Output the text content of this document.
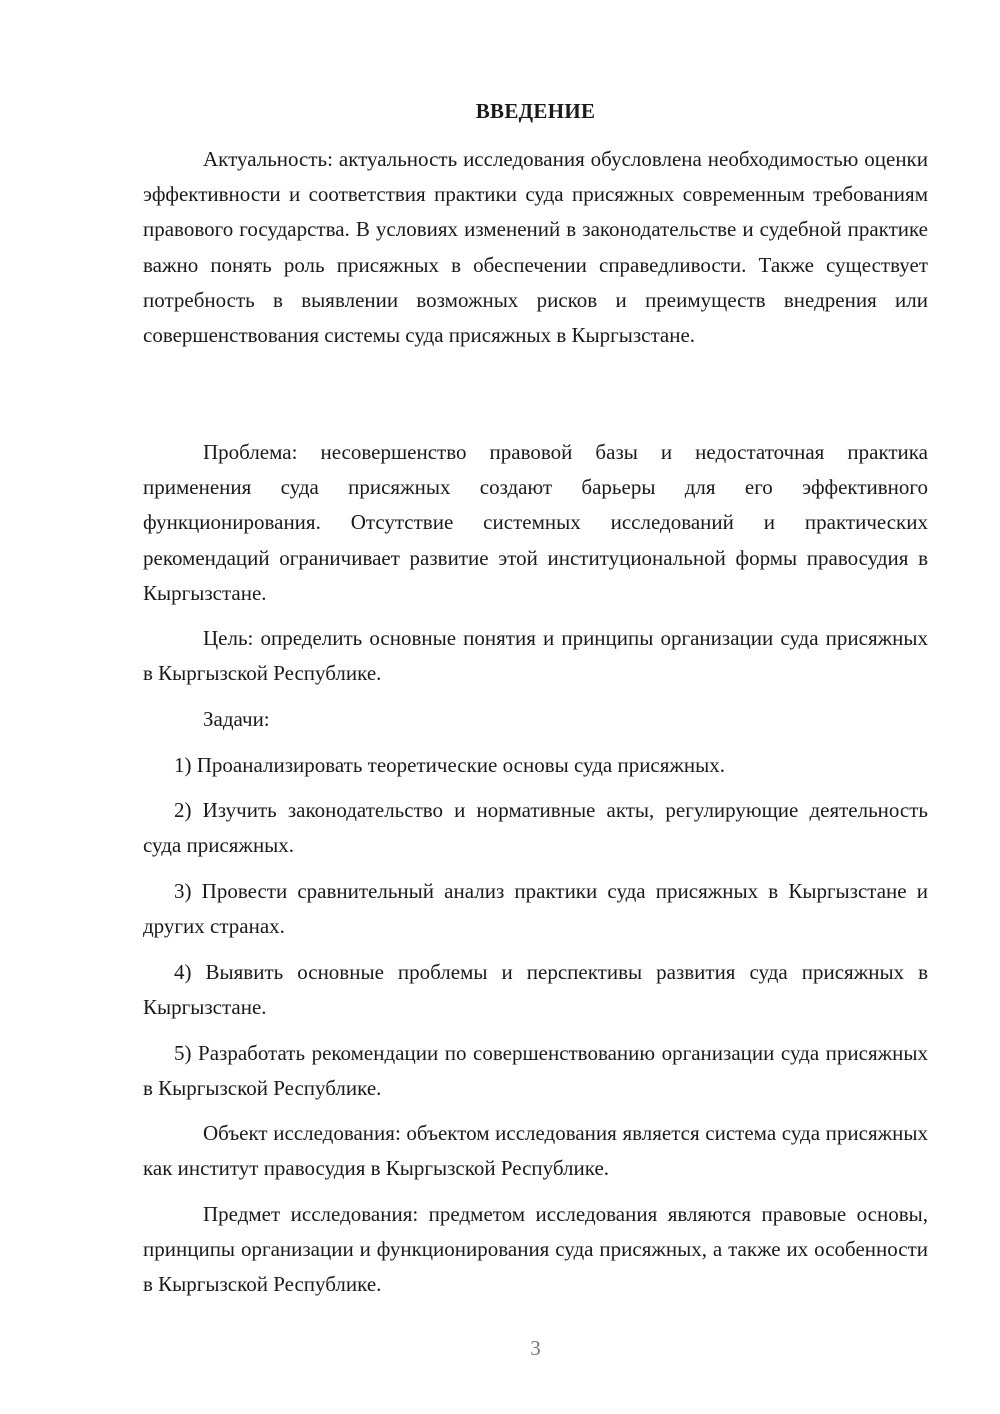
ВВЕДЕНИЕ

Актуальность: актуальность исследования обусловлена необходимостью оценки эффективности и соответствия практики суда присяжных современным требованиям правового государства. В условиях изменений в законодательстве и судебной практике важно понять роль присяжных в обеспечении справедливости. Также существует потребность в выявлении возможных рисков и преимуществ внедрения или совершенствования системы суда присяжных в Кыргызстане.

Проблема: несовершенство правовой базы и недостаточная практика применения суда присяжных создают барьеры для его эффективного функционирования. Отсутствие системных исследований и практических рекомендаций ограничивает развитие этой институциональной формы правосудия в Кыргызстане.

Цель: определить основные понятия и принципы организации суда присяжных в Кыргызской Республике.

Задачи:

1) Проанализировать теоретические основы суда присяжных.

2) Изучить законодательство и нормативные акты, регулирующие деятельность суда присяжных.

3) Провести сравнительный анализ практики суда присяжных в Кыргызстане и других странах.

4) Выявить основные проблемы и перспективы развития суда присяжных в Кыргызстане.

5) Разработать рекомендации по совершенствованию организации суда присяжных в Кыргызской Республике.

Объект исследования: объектом исследования является система суда присяжных как институт правосудия в Кыргызской Республике.

Предмет исследования: предметом исследования являются правовые основы, принципы организации и функционирования суда присяжных, а также их особенности в Кыргызской Республике.

3
